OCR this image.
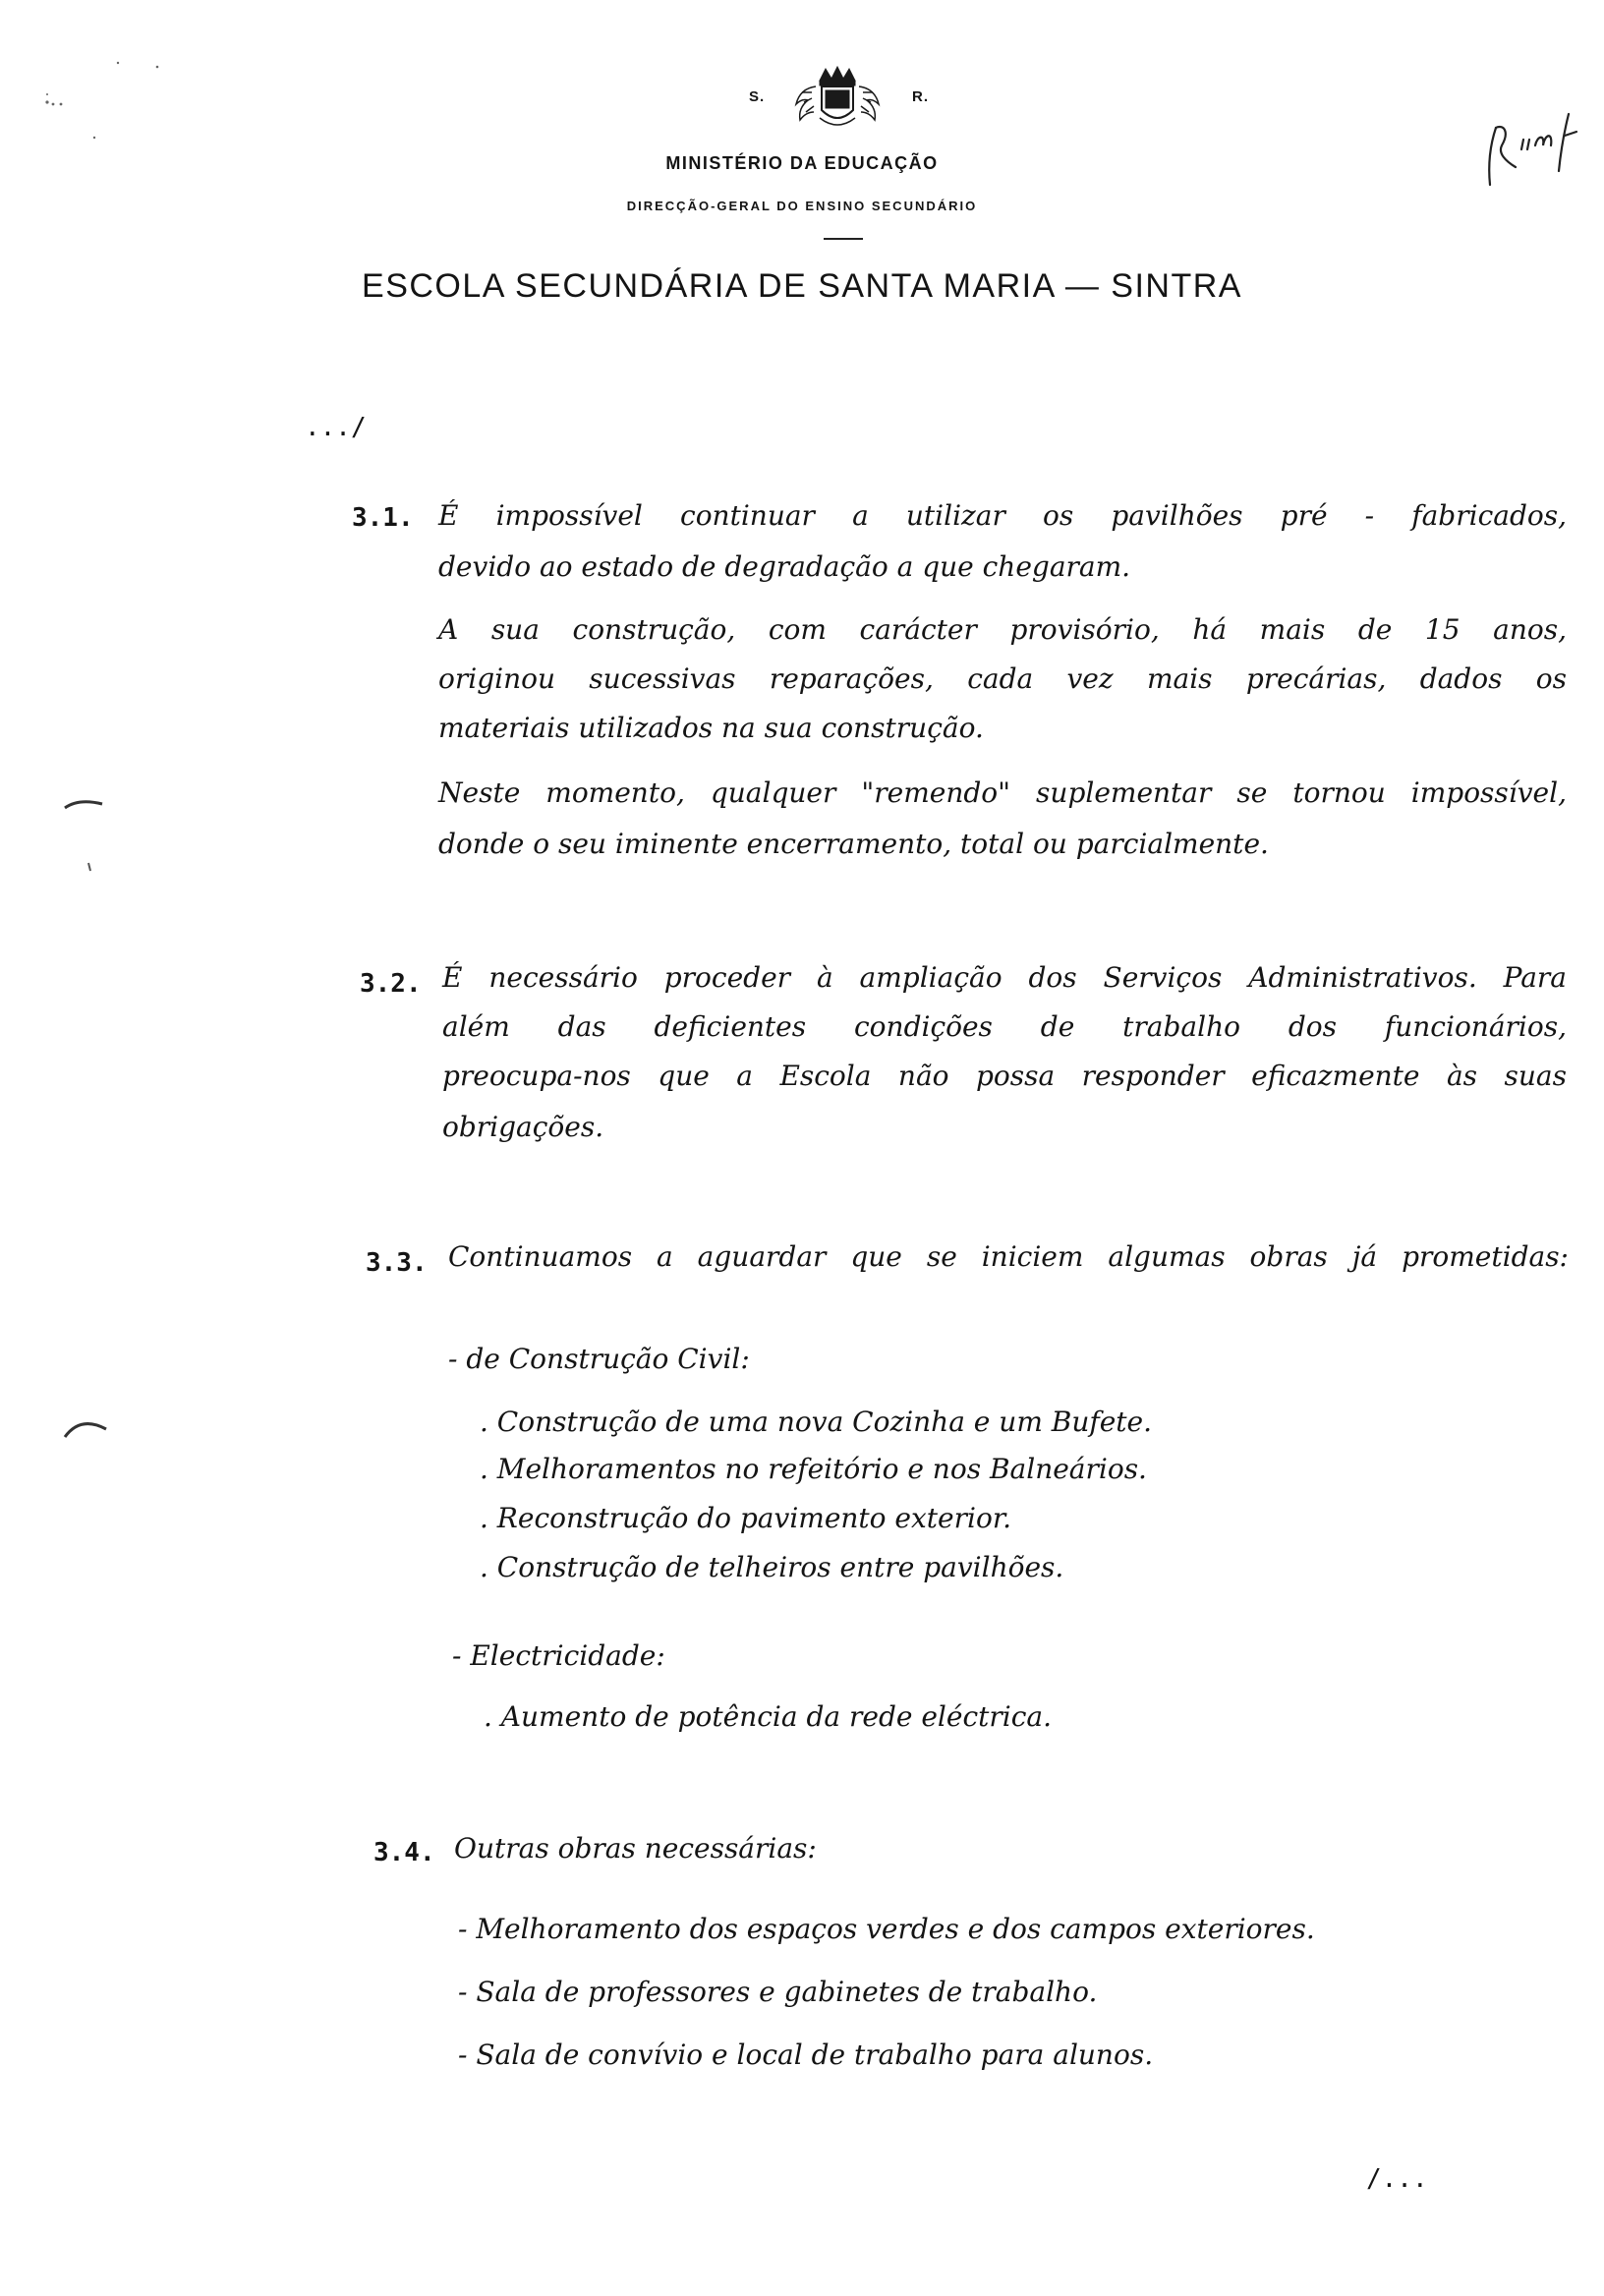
S.	R.
MINISTÉRIO DA EDUCAÇÃO
DIRECÇÃO-GERAL DO ENSINO SECUNDÁRIO
ESCOLA SECUNDÁRIA DE SANTA MARIA — SINTRA
.../
3.1. É impossível continuar a utilizar os pavilhões pré - fabricados,
devido ao estado de degradação a que chegaram.
A sua construção, com carácter provisório, há mais de 15 anos,
originou sucessivas reparações, cada vez mais precárias, dados os
materiais utilizados na sua construção.
Neste momento, qualquer "remendo" suplementar se tornou impossível,
donde o seu iminente encerramento, total ou parcialmente.
3.2. É necessário proceder à ampliação dos Serviços Administrativos. Para
além das deficientes condições de trabalho dos funcionários,
preocupa-nos que a Escola não possa responder eficazmente às suas
obrigações.
3.3. Continuamos a aguardar que se iniciem algumas obras já prometidas:
- de Construção Civil:
. Construção de uma nova Cozinha e um Bufete.
. Melhoramentos no refeitório e nos Balneários.
. Reconstrução do pavimento exterior.
. Construção de telheiros entre pavilhões.
- Electricidade:
. Aumento de potência da rede eléctrica.
3.4. Outras obras necessárias:
- Melhoramento dos espaços verdes e dos campos exteriores.
- Sala de professores e gabinetes de trabalho.
- Sala de convívio e local de trabalho para alunos.
/...
